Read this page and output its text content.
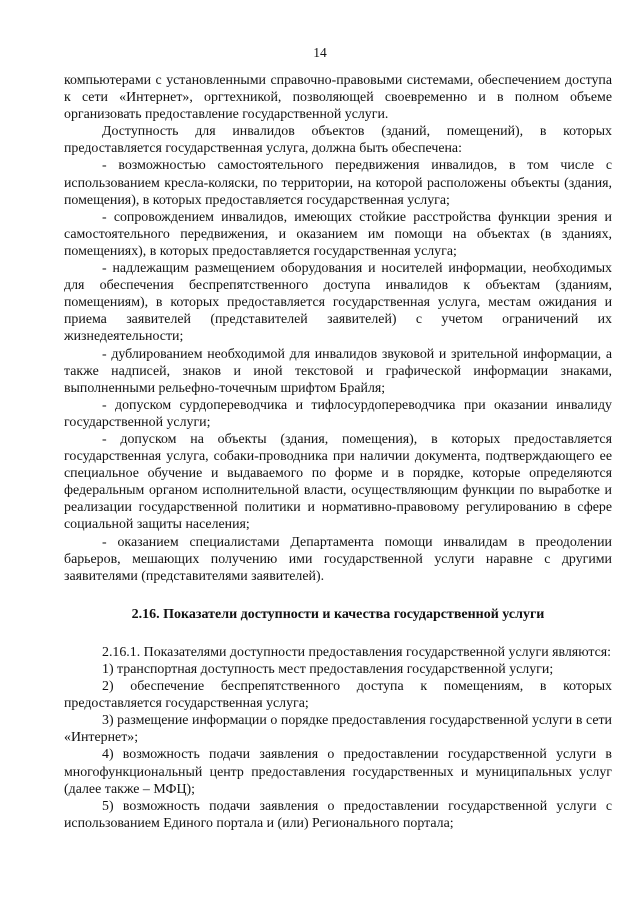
14

компьютерами с установленными справочно-правовыми системами, обеспечением доступа к сети «Интернет», оргтехникой, позволяющей своевременно и в полном объеме организовать предоставление государственной услуги.

Доступность для инвалидов объектов (зданий, помещений), в которых предоставляется государственная услуга, должна быть обеспечена:

- возможностью самостоятельного передвижения инвалидов, в том числе с использованием кресла-коляски, по территории, на которой расположены объекты (здания, помещения), в которых предоставляется государственная услуга;

- сопровождением инвалидов, имеющих стойкие расстройства функции зрения и самостоятельного передвижения, и оказанием им помощи на объектах (в зданиях, помещениях), в которых предоставляется государственная услуга;

- надлежащим размещением оборудования и носителей информации, необходимых для обеспечения беспрепятственного доступа инвалидов к объектам (зданиям, помещениям), в которых предоставляется государственная услуга, местам ожидания и приема заявителей (представителей заявителей) с учетом ограничений их жизнедеятельности;

- дублированием необходимой для инвалидов звуковой и зрительной информации, а также надписей, знаков и иной текстовой и графической информации знаками, выполненными рельефно-точечным шрифтом Брайля;

- допуском сурдопереводчика и тифлосурдопереводчика при оказании инвалиду государственной услуги;

- допуском на объекты (здания, помещения), в которых предоставляется государственная услуга, собаки-проводника при наличии документа, подтверждающего ее специальное обучение и выдаваемого по форме и в порядке, которые определяются федеральным органом исполнительной власти, осуществляющим функции по выработке и реализации государственной политики и нормативно-правовому регулированию в сфере социальной защиты населения;

- оказанием специалистами Департамента помощи инвалидам в преодолении барьеров, мешающих получению ими государственной услуги наравне с другими заявителями (представителями заявителей).

2.16. Показатели доступности и качества государственной услуги

2.16.1. Показателями доступности предоставления государственной услуги являются:

1) транспортная доступность мест предоставления государственной услуги;

2) обеспечение беспрепятственного доступа к помещениям, в которых предоставляется государственная услуга;

3) размещение информации о порядке предоставления государственной услуги в сети «Интернет»;

4) возможность подачи заявления о предоставлении государственной услуги в многофункциональный центр предоставления государственных и муниципальных услуг (далее также – МФЦ);

5) возможность подачи заявления о предоставлении государственной услуги с использованием Единого портала и (или) Регионального портала;
